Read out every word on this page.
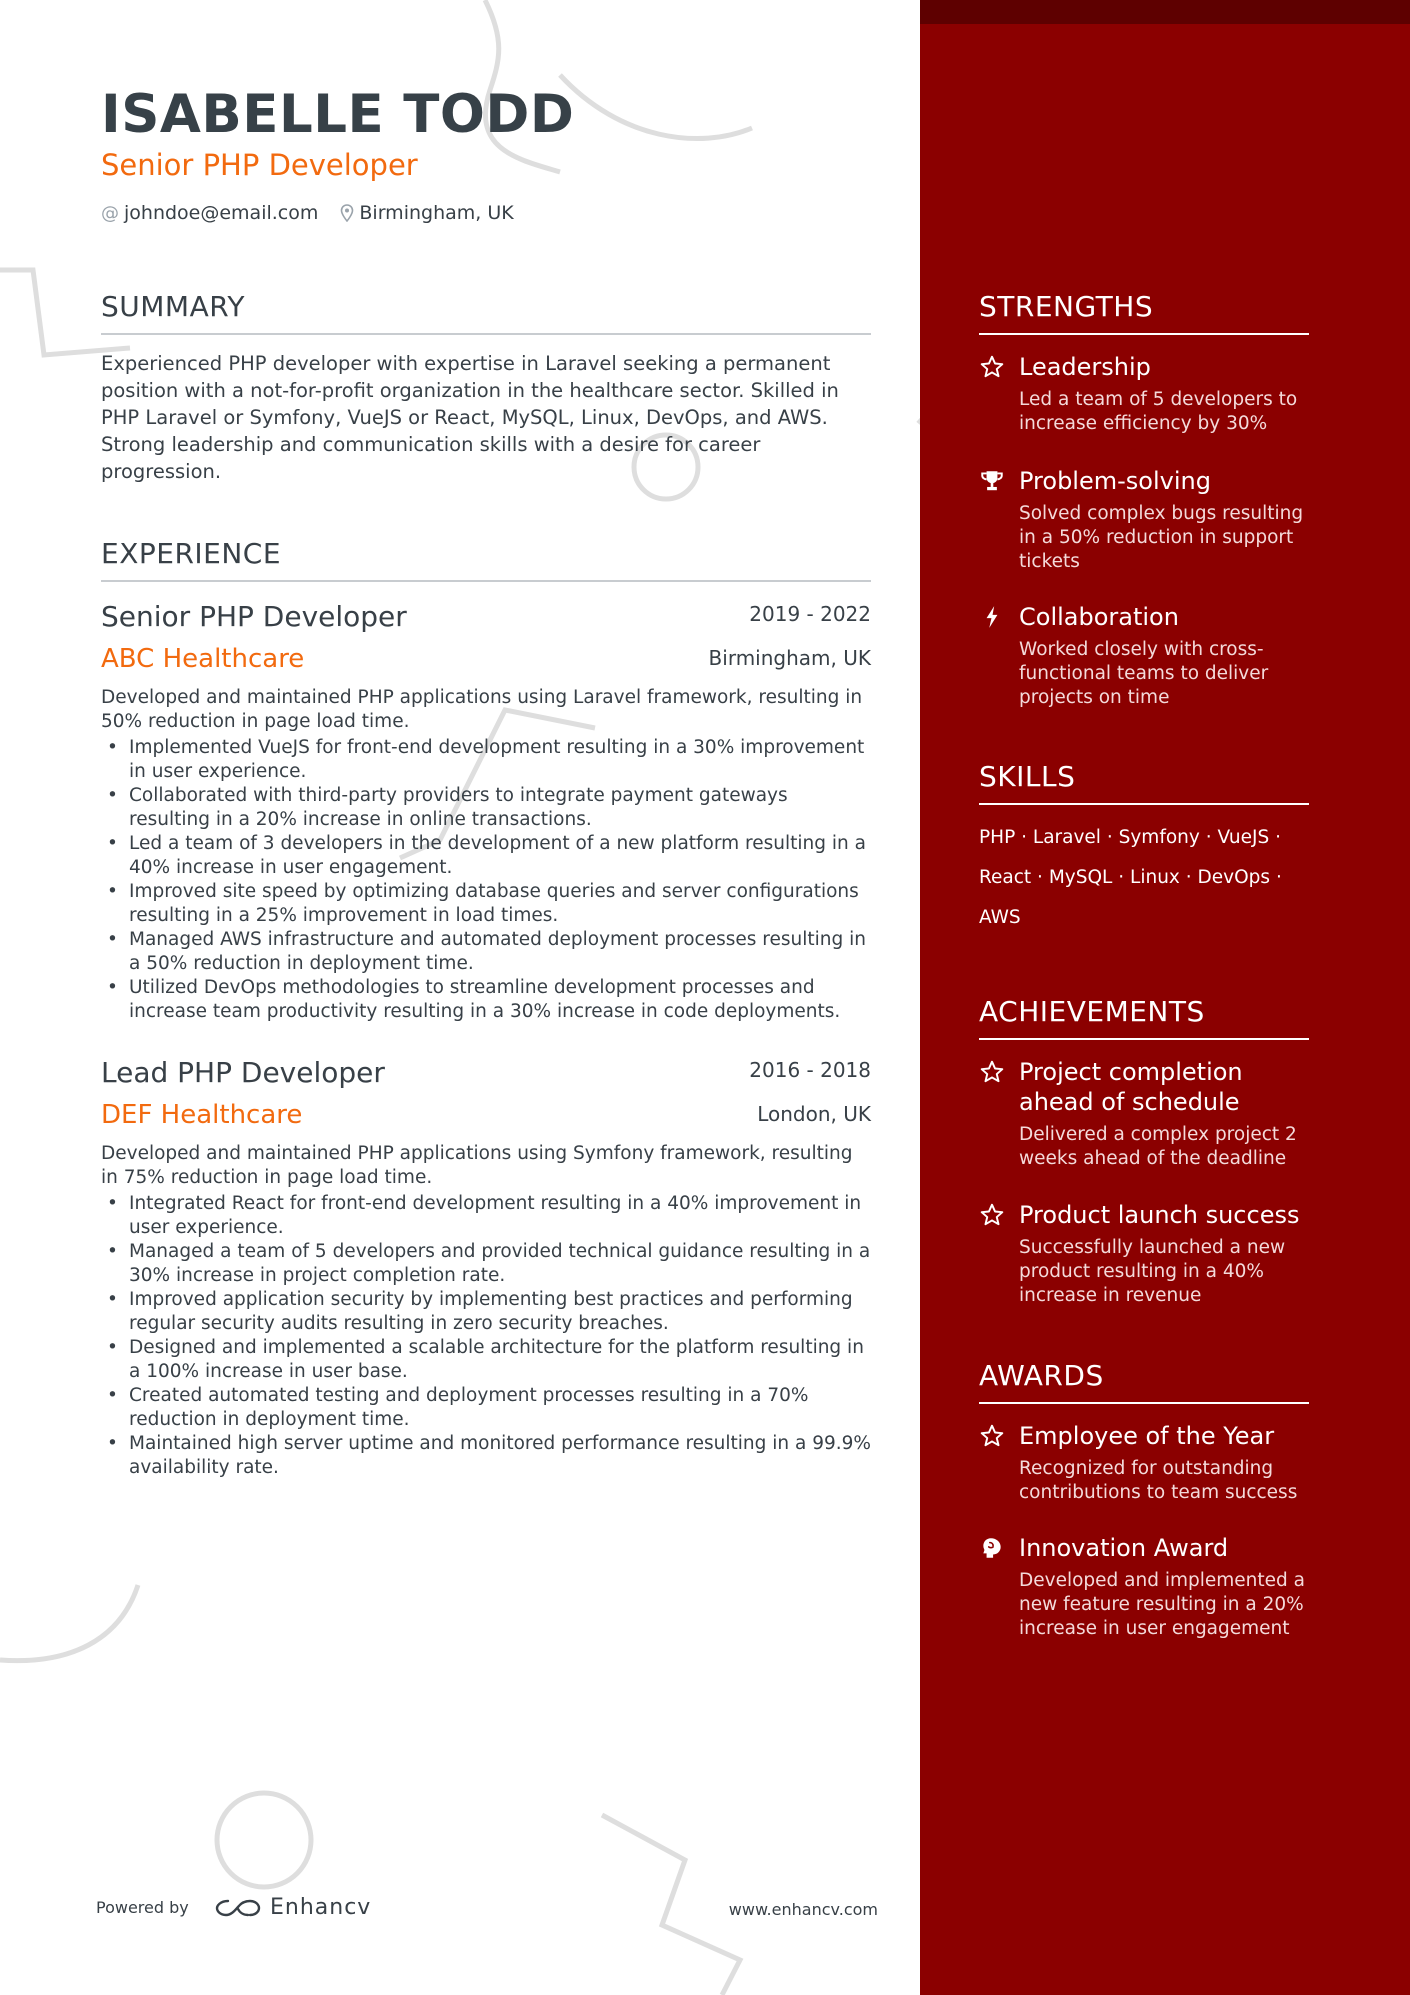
ISABELLE TODD
Senior PHP Developer
@ johndoe@email.com Birmingham, UK
SUMMARY

Experienced PHP developer with expertise in Laravel seeking a permanent position with a not-for-profit organization in the healthcare sector. Skilled in PHP Laravel or Symfony, VueJS or React, MySQL, Linux, DevOps, and AWS. Strong leadership and communication skills with a desire for career progression.

EXPERIENCE
Senior PHP Developer	2019 - 2022
ABC Healthcare	Birmingham, UK

Developed and maintained PHP applications using Laravel framework, resulting in 50% reduction in page load time.

• Implemented VueJS for front-end development resulting in a 30% improvement in user experience.
• Collaborated with third-party providers to integrate payment gateways resulting in a 20% increase in online transactions.
• Led a team of 3 developers in the development of a new platform resulting in a 40% increase in user engagement.
• Improved site speed by optimizing database queries and server configurations resulting in a 25% improvement in load times.
• Managed AWS infrastructure and automated deployment processes resulting in a 50% reduction in deployment time.
• Utilized DevOps methodologies to streamline development processes and increase team productivity resulting in a 30% increase in code deployments.
Lead PHP Developer	2016 - 2018
DEF Healthcare	London, UK

Developed and maintained PHP applications using Symfony framework, resulting in 75% reduction in page load time.

• Integrated React for front-end development resulting in a 40% improvement in user experience.
• Managed a team of 5 developers and provided technical guidance resulting in a 30% increase in project completion rate.
• Improved application security by implementing best practices and performing regular security audits resulting in zero security breaches.
• Designed and implemented a scalable architecture for the platform resulting in a 100% increase in user base.
• Created automated testing and deployment processes resulting in a 70% reduction in deployment time.
• Maintained high server uptime and monitored performance resulting in a 99.9% availability rate.
Powered by	Enhancv	www.enhancv.com
STRENGTHS
Leadership
Led a team of 5 developers to increase efficiency by 30%
Problem-solving
Solved complex bugs resulting in a 50% reduction in support tickets
Collaboration
Worked closely with cross-functional teams to deliver projects on time
SKILLS
PHP · Laravel · Symfony · VueJS · React · MySQL · Linux · DevOps · AWS
ACHIEVEMENTS
Project completion ahead of schedule
Delivered a complex project 2 weeks ahead of the deadline
Product launch success
Successfully launched a new product resulting in a 40% increase in revenue
AWARDS
Employee of the Year
Recognized for outstanding contributions to team success
Innovation Award
Developed and implemented a new feature resulting in a 20% increase in user engagement
